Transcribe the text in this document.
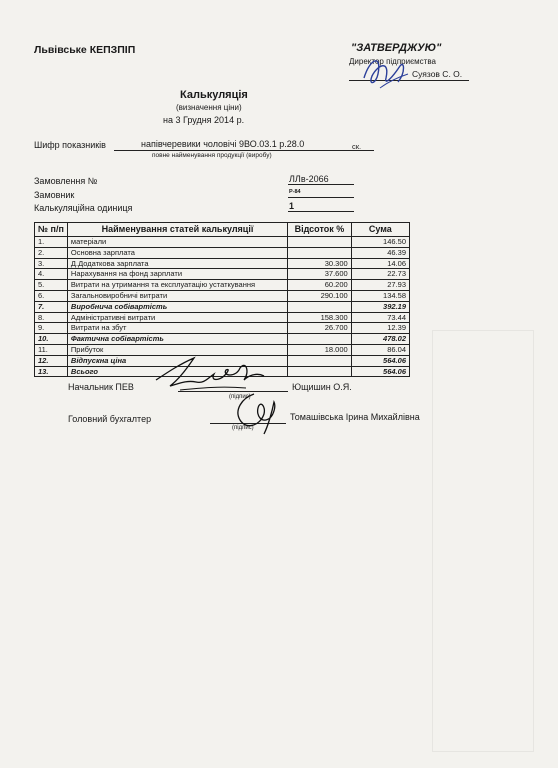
Львівське КЕПЗПІП	"ЗАТВЕРДЖУЮ"
Директор підприємства
Суязов С. О.
Калькуляція
(визначення ціни)
на 3 Грудня 2014 р.
Шифр показників	напівчеревики чоловічі 9ВО.03.1 р.28.0	ск.
повне найменування продукції (виробу)
Замовлення №	ЛЛв-2066
Замовник	Р-84
Калькуляційна одиниця	1
№ п/п	Найменування статей калькуляції	Відсоток %	Сума
1.	матеріали		146.50
2.	Основна зарплата		46.39
3.	Д.Додаткова зарплата	30.300	14.06
4.	Нарахування на фонд зарплати	37.600	22.73
5.	Витрати на утримання та експлуатацію устаткування	60.200	27.93
6.	Загальновиробничі витрати	290.100	134.58
7.	Виробнича собівартість		392.19
8.	Адміністративні витрати	158.300	73.44
9.	Витрати на збут	26.700	12.39
10.	Фактична собівартість		478.02
11.	Прибуток	18.000	86.04
12.	Відпускна ціна		564.06
13.	Всього		564.06
Начальник ПЕВ
(підпис)
Ющишин О.Я.
Головний бухгалтер
(підпис)
Томашівська Ірина Михайлівна
